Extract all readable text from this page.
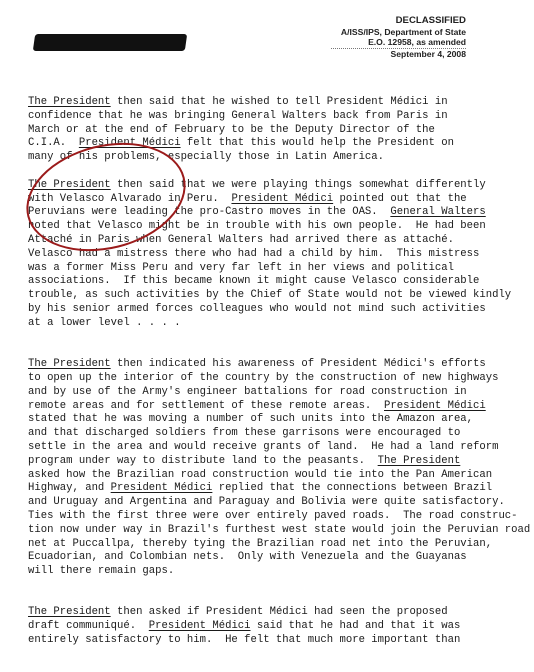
DECLASSIFIED
A/ISS/IPS, Department of State
E.O. 12958, as amended
September 4, 2008
The President then said that he wished to tell President Médici in
confidence that he was bringing General Walters back from Paris in
March or at the end of February to be the Deputy Director of the
C.I.A.  President Médici felt that this would help the President on
many of his problems, especially those in Latin America.
The President then said that we were playing things somewhat differently
with Velasco Alvarado in Peru.  President Médici pointed out that the
Peruvians were leading the pro-Castro moves in the OAS.  General Walters
noted that Velasco might be in trouble with his own people.  He had been
Attaché in Paris when General Walters had arrived there as attaché.
Velasco had a mistress there who had had a child by him.  This mistress
was a former Miss Peru and very far left in her views and political
associations.  If this became known it might cause Velasco considerable
trouble, as such activities by the Chief of State would not be viewed kindly
by his senior armed forces colleagues who would not mind such activities
at a lower level . . . .
The President then indicated his awareness of President Médici's efforts
to open up the interior of the country by the construction of new highways
and by use of the Army's engineer battalions for road construction in
remote areas and for settlement of these remote areas.  President Médici
stated that he was moving a number of such units into the Amazon area,
and that discharged soldiers from these garrisons were encouraged to
settle in the area and would receive grants of land.  He had a land reform
program under way to distribute land to the peasants.  The President
asked how the Brazilian road construction would tie into the Pan American
Highway, and President Médici replied that the connections between Brazil
and Uruguay and Argentina and Paraguay and Bolivia were quite satisfactory.
Ties with the first three were over entirely paved roads.  The road construc-
tion now under way in Brazil's furthest west state would join the Peruvian road
net at Puccallpa, thereby tying the Brazilian road net into the Peruvian,
Ecuadorian, and Colombian nets.  Only with Venezuela and the Guayanas
will there remain gaps.
The President then asked if President Médici had seen the proposed
draft communiqué.  President Médici said that he had and that it was
entirely satisfactory to him.  He felt that much more important than
